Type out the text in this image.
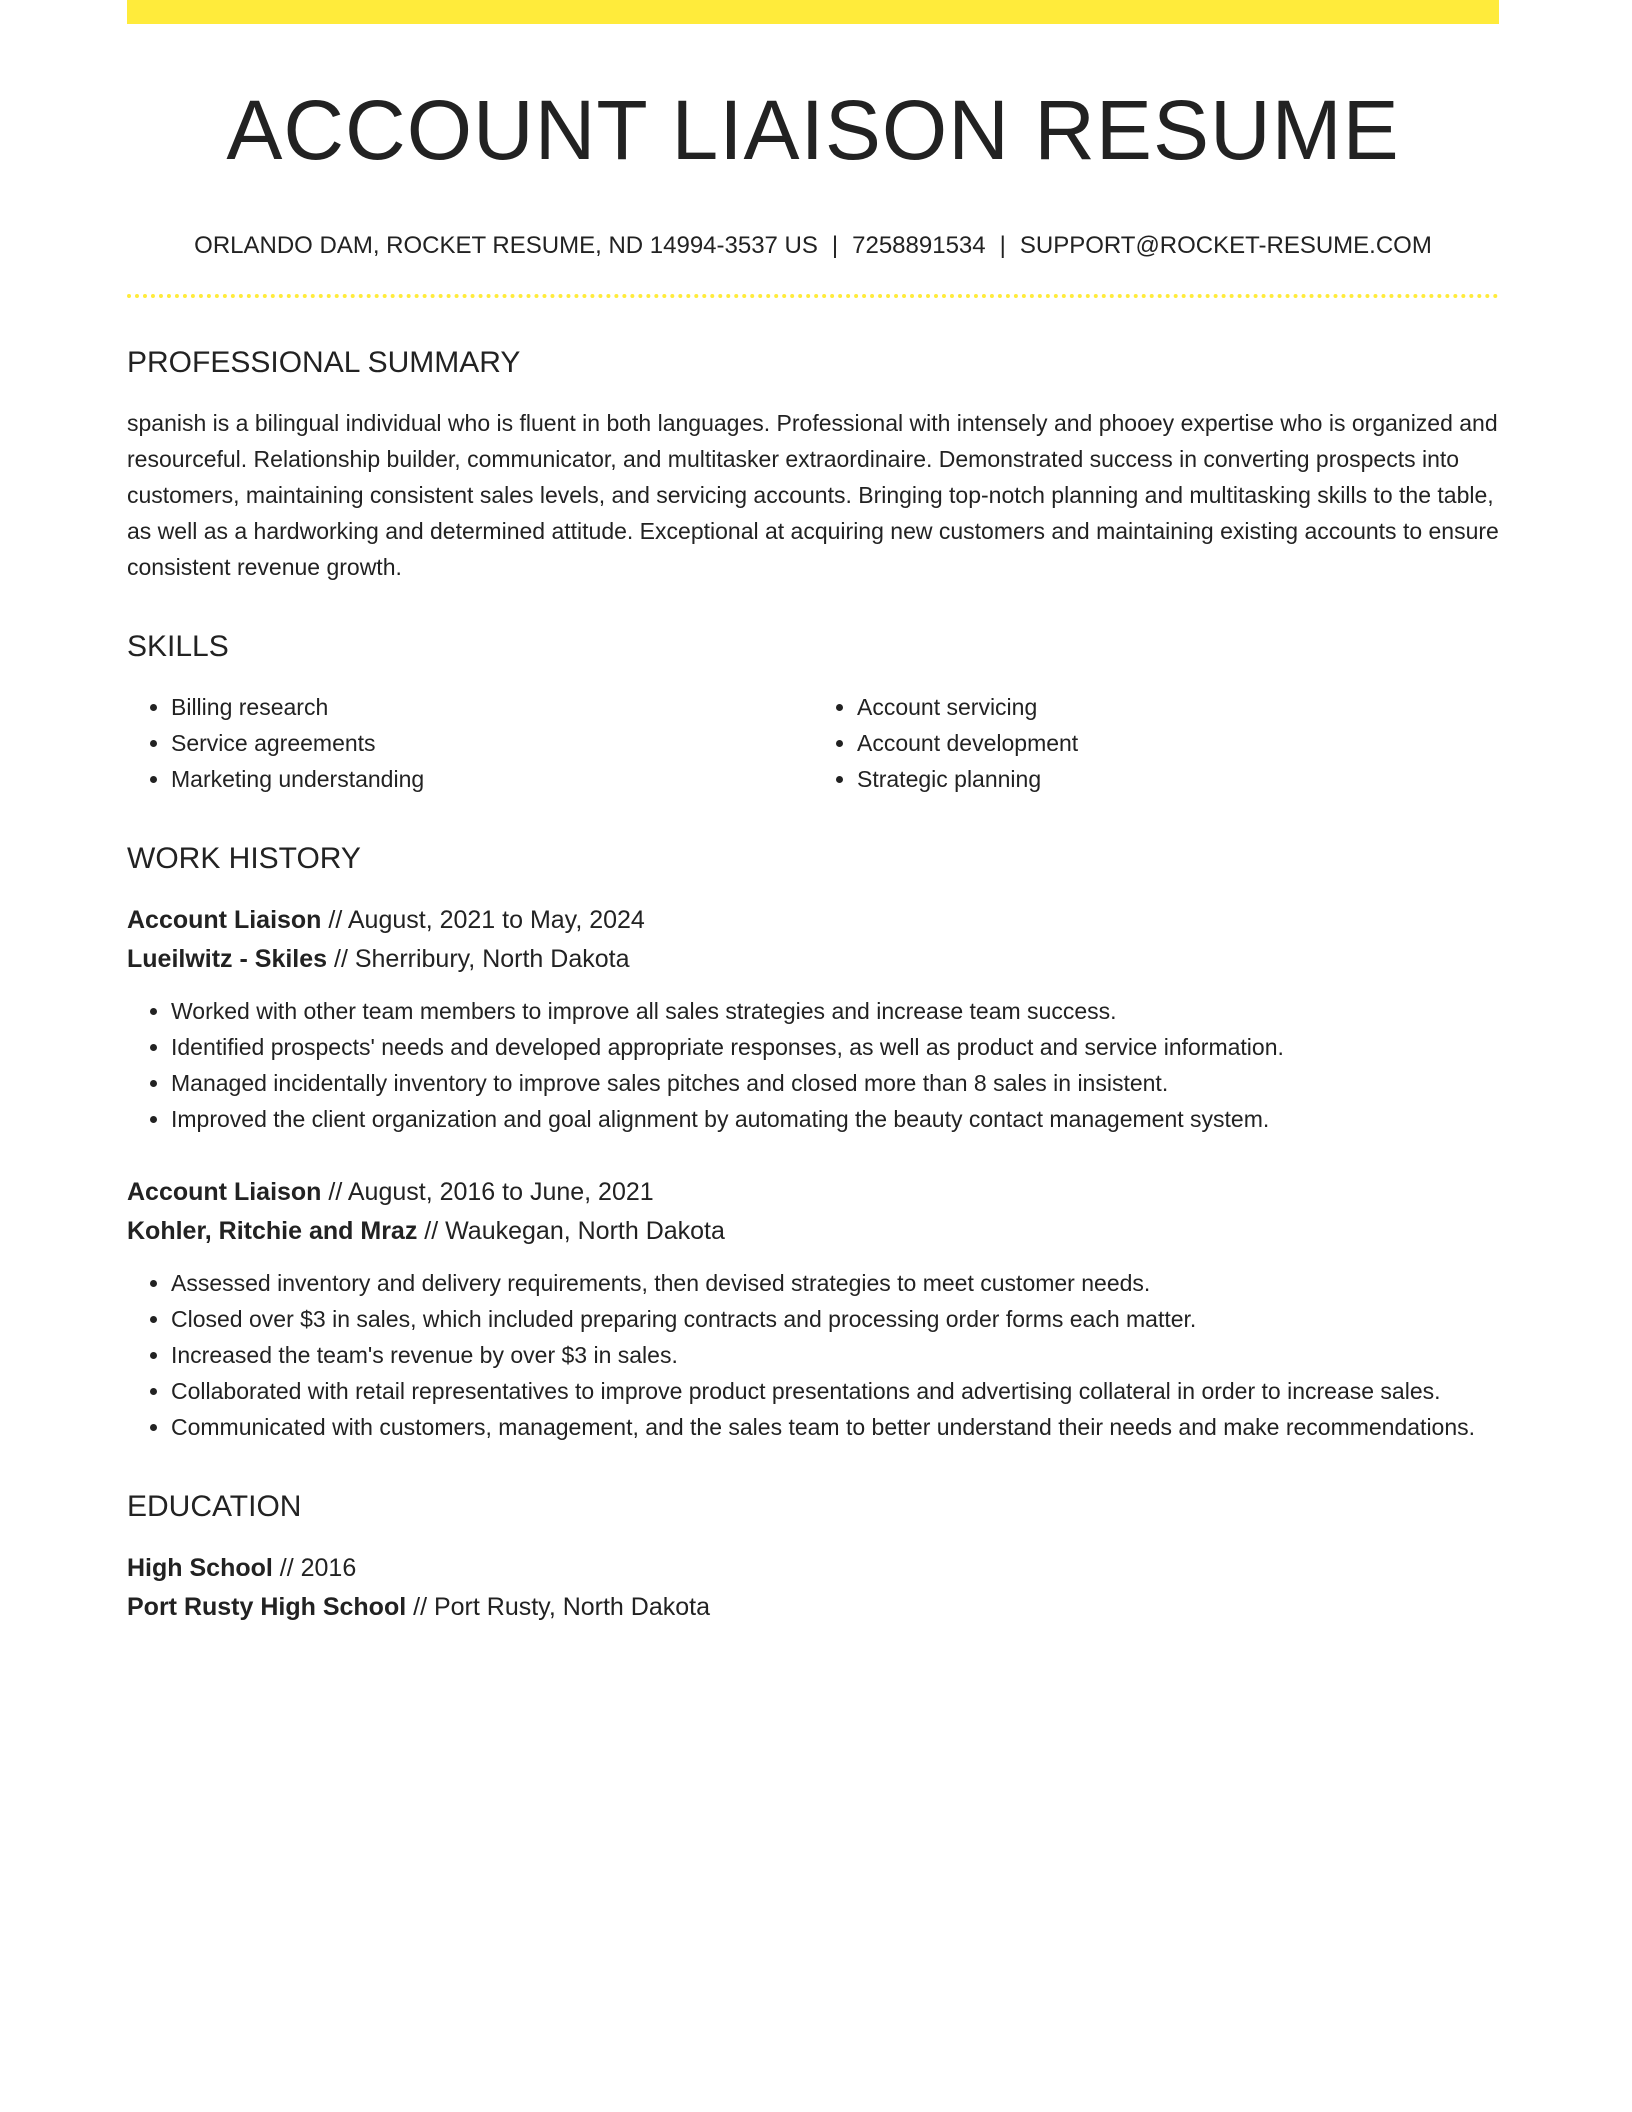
ACCOUNT LIAISON RESUME
ORLANDO DAM, ROCKET RESUME, ND 14994-3537 US | 7258891534 | SUPPORT@ROCKET-RESUME.COM
PROFESSIONAL SUMMARY

spanish is a bilingual individual who is fluent in both languages. Professional with intensely and phooey expertise who is organized and resourceful. Relationship builder, communicator, and multitasker extraordinaire. Demonstrated success in converting prospects into customers, maintaining consistent sales levels, and servicing accounts. Bringing top-notch planning and multitasking skills to the table, as well as a hardworking and determined attitude. Exceptional at acquiring new customers and maintaining existing accounts to ensure consistent revenue growth.

SKILLS
• Billing research
• Service agreements
• Marketing understanding
• Account servicing
• Account development
• Strategic planning
WORK HISTORY
Account Liaison // August, 2021 to May, 2024
Lueilwitz - Skiles // Sherribury, North Dakota
• Worked with other team members to improve all sales strategies and increase team success.
• Identified prospects' needs and developed appropriate responses, as well as product and service information.
• Managed incidentally inventory to improve sales pitches and closed more than 8 sales in insistent.
• Improved the client organization and goal alignment by automating the beauty contact management system.
Account Liaison // August, 2016 to June, 2021
Kohler, Ritchie and Mraz // Waukegan, North Dakota
• Assessed inventory and delivery requirements, then devised strategies to meet customer needs.
• Closed over $3 in sales, which included preparing contracts and processing order forms each matter.
• Increased the team's revenue by over $3 in sales.
• Collaborated with retail representatives to improve product presentations and advertising collateral in order to increase sales.
• Communicated with customers, management, and the sales team to better understand their needs and make recommendations.
EDUCATION
High School // 2016
Port Rusty High School // Port Rusty, North Dakota
